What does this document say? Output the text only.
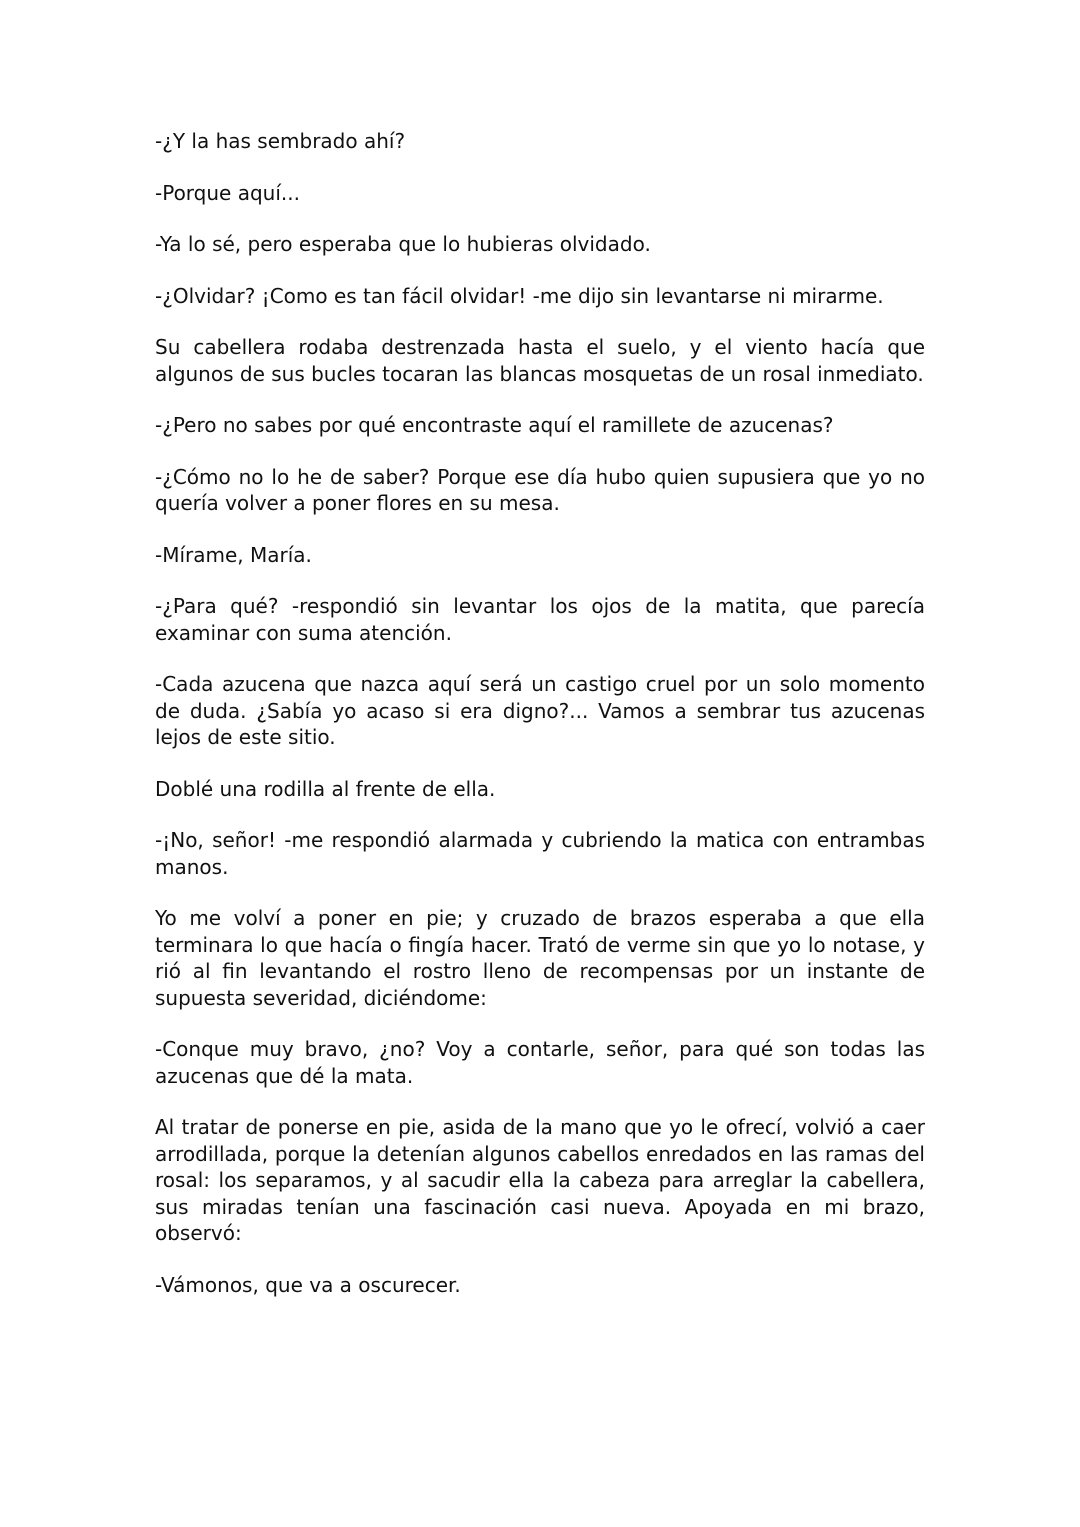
-¿Y la has sembrado ahí?

-Porque aquí...

-Ya lo sé, pero esperaba que lo hubieras olvidado.

-¿Olvidar? ¡Como es tan fácil olvidar! -me dijo sin levantarse ni mirarme.

Su cabellera rodaba destrenzada hasta el suelo, y el viento hacía que algunos de sus bucles tocaran las blancas mosquetas de un rosal inmediato.

-¿Pero no sabes por qué encontraste aquí el ramillete de azucenas?

-¿Cómo no lo he de saber? Porque ese día hubo quien supusiera que yo no quería volver a poner flores en su mesa.

-Mírame, María.

-¿Para qué? -respondió sin levantar los ojos de la matita, que parecía examinar con suma atención.

-Cada azucena que nazca aquí será un castigo cruel por un solo momento de duda. ¿Sabía yo acaso si era digno?... Vamos a sembrar tus azucenas lejos de este sitio.

Doblé una rodilla al frente de ella.

-¡No, señor! -me respondió alarmada y cubriendo la matica con entrambas manos.

Yo me volví a poner en pie; y cruzado de brazos esperaba a que ella terminara lo que hacía o fingía hacer. Trató de verme sin que yo lo notase, y rió al fin levantando el rostro lleno de recompensas por un instante de supuesta severidad, diciéndome:

-Conque muy bravo, ¿no? Voy a contarle, señor, para qué son todas las azucenas que dé la mata.

Al tratar de ponerse en pie, asida de la mano que yo le ofrecí, volvió a caer arrodillada, porque la detenían algunos cabellos enredados en las ramas del rosal: los separamos, y al sacudir ella la cabeza para arreglar la cabellera, sus miradas tenían una fascinación casi nueva. Apoyada en mi brazo, observó:

-Vámonos, que va a oscurecer.
